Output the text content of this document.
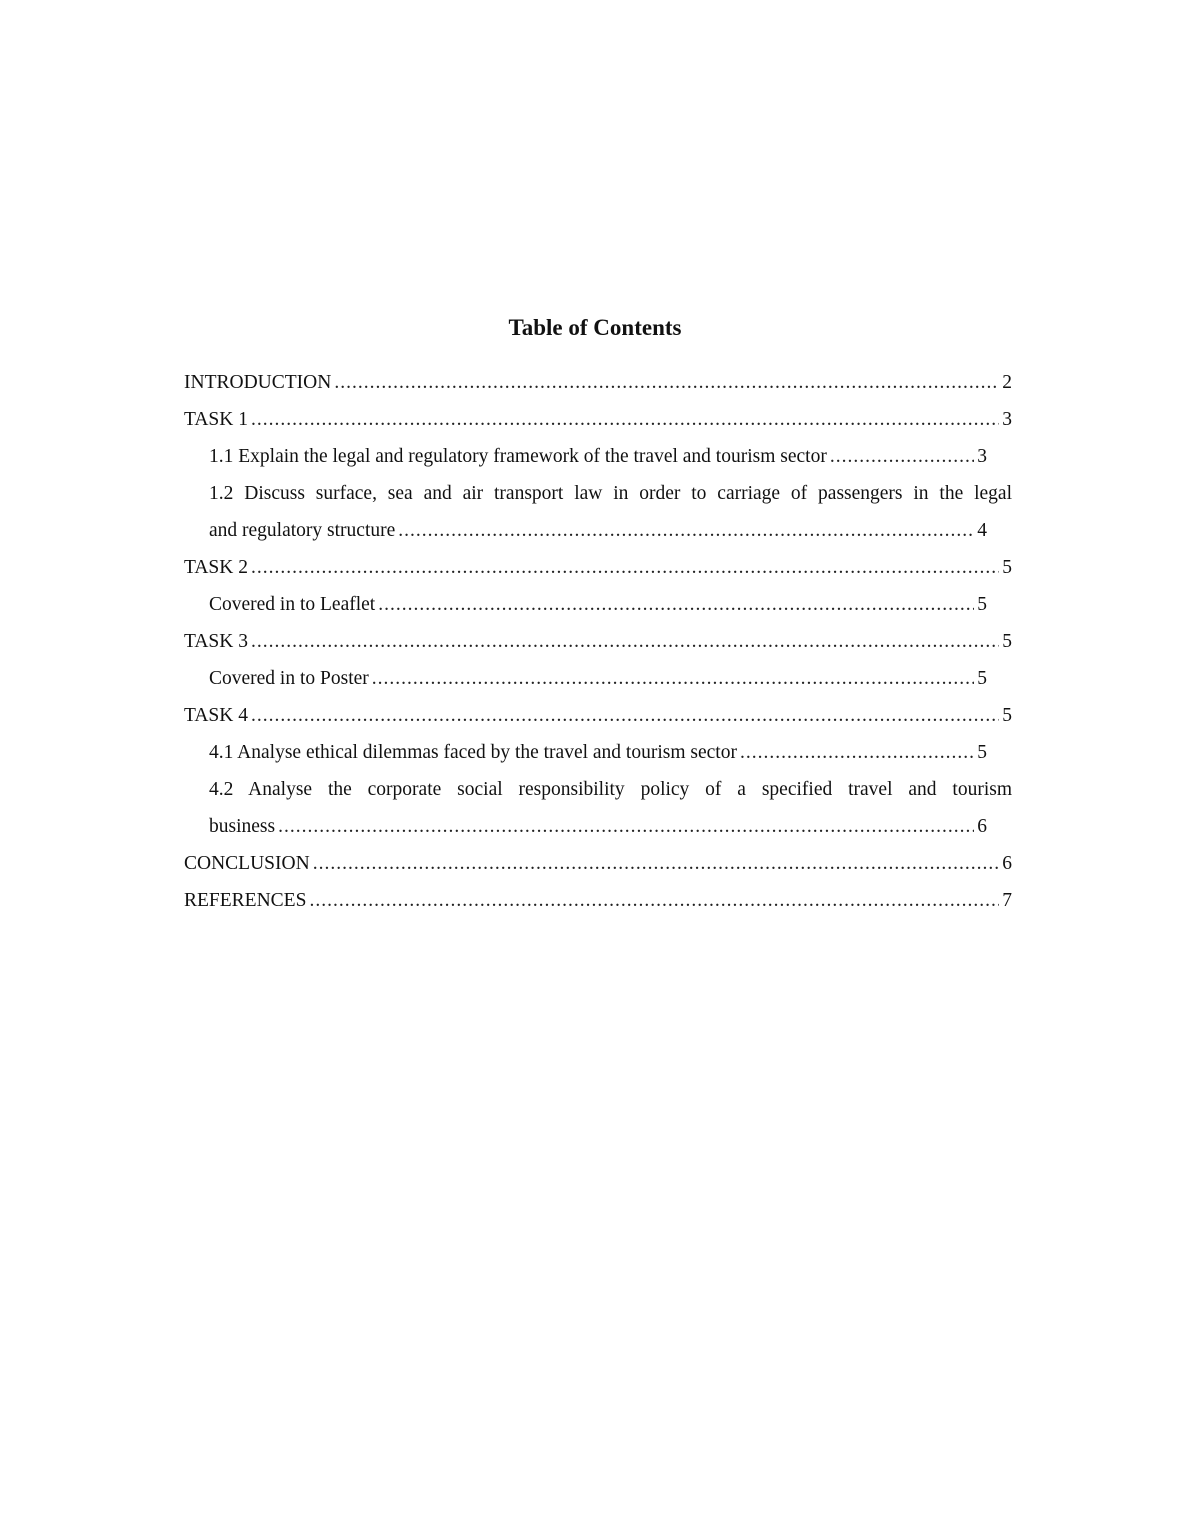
Table of Contents
INTRODUCTION .....	2
TASK 1 .....	3
1.1 Explain the legal and regulatory framework of the travel and tourism sector .....	3
1.2 Discuss surface, sea and air transport law in order to carriage of passengers in the legal
and regulatory structure .....	4
TASK 2 .....	5
Covered in to Leaflet .....	5
TASK 3 .....	5
Covered in to Poster .....	5
TASK 4 .....	5
4.1 Analyse ethical dilemmas faced by the travel and tourism sector .....	5
4.2 Analyse the corporate social responsibility policy of a specified travel and tourism
business .....	6
CONCLUSION .....	6
REFERENCES .....	7
